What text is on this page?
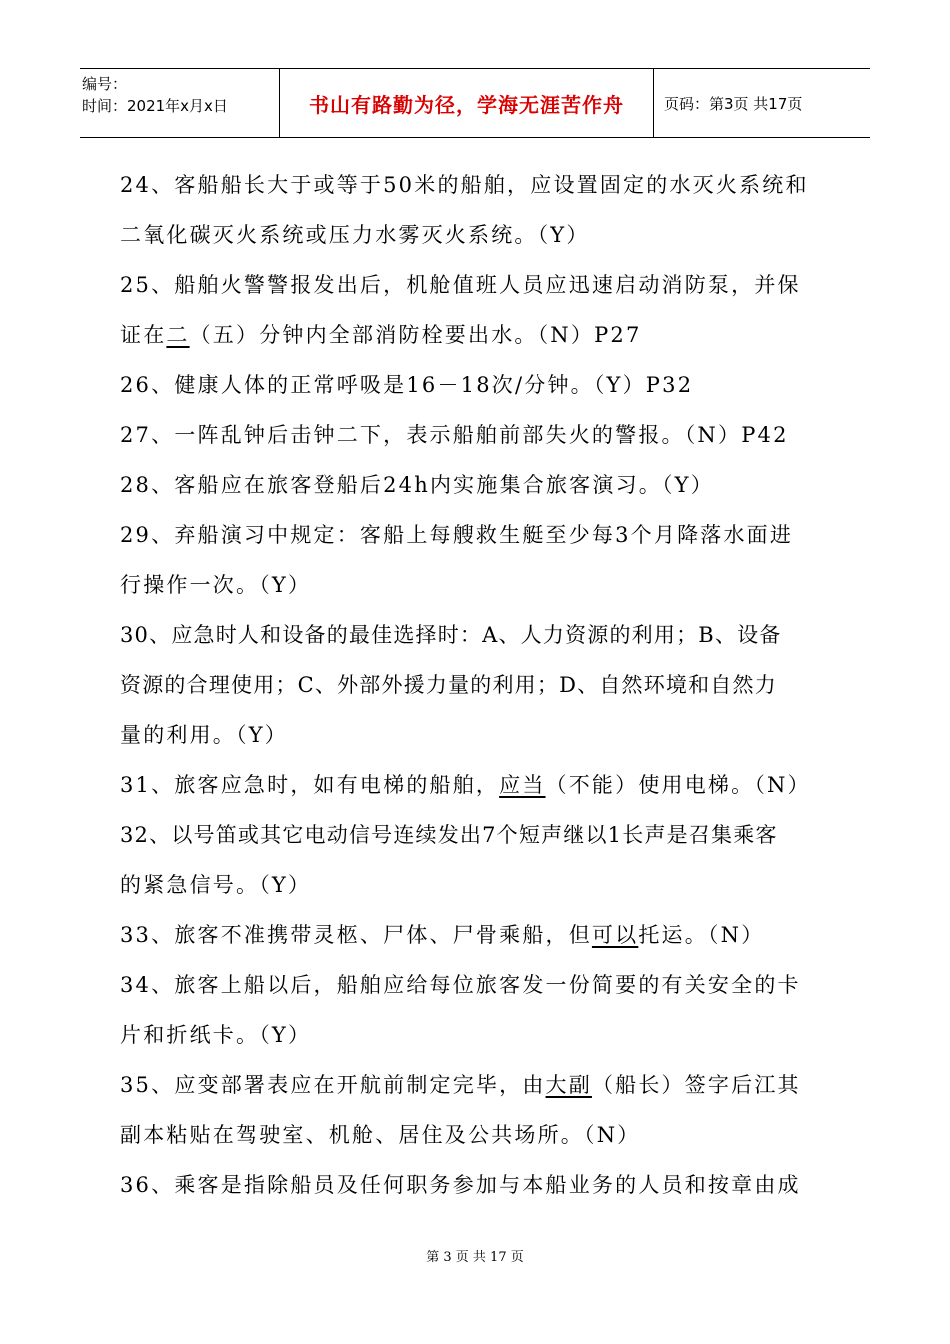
编号：
时间：2021年x月x日	书山有路勤为径，学海无涯苦作舟	页码：第3页 共17页
24、客船船长大于或等于50米的船舶，应设置固定的水灭火系统和
二氧化碳灭火系统或压力水雾灭火系统。（Y）
25、船舶火警警报发出后，机舱值班人员应迅速启动消防泵，并保
证在二（五）分钟内全部消防栓要出水。（N）P27
26、健康人体的正常呼吸是16－18次/分钟。（Y）P32
27、一阵乱钟后击钟二下，表示船舶前部失火的警报。（N）P42
28、客船应在旅客登船后24h内实施集合旅客演习。（Y）
29、弃船演习中规定：客船上每艘救生艇至少每3个月降落水面进
行操作一次。（Y）
30、应急时人和设备的最佳选择时：A、人力资源的利用；B、设备
资源的合理使用；C、外部外援力量的利用；D、自然环境和自然力
量的利用。（Y）
31、旅客应急时，如有电梯的船舶，应当（不能）使用电梯。（N）
32、以号笛或其它电动信号连续发出7个短声继以1长声是召集乘客
的紧急信号。（Y）
33、旅客不准携带灵柩、尸体、尸骨乘船，但可以托运。（N）
34、旅客上船以后，船舶应给每位旅客发一份简要的有关安全的卡
片和折纸卡。（Y）
35、应变部署表应在开航前制定完毕，由大副（船长）签字后江其
副本粘贴在驾驶室、机舱、居住及公共场所。（N）
36、乘客是指除船员及任何职务参加与本船业务的人员和按章由成
第 3 页 共 17 页
